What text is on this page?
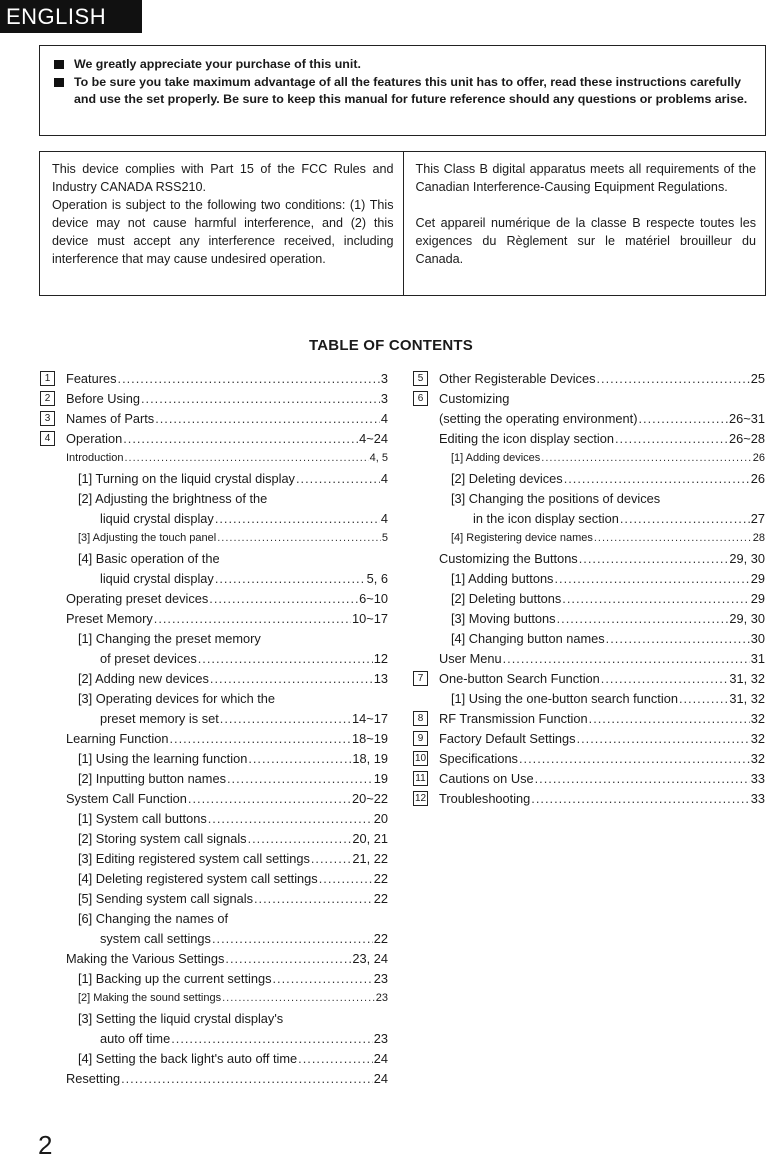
ENGLISH
We greatly appreciate your purchase of this unit.
To be sure you take maximum advantage of all the features this unit has to offer, read these instructions carefully and use the set properly. Be sure to keep this manual for future reference should any questions or problems arise.

This device complies with Part 15 of the FCC Rules and Industry CANADA RSS210.

Operation is subject to the following two conditions: (1) This device may not cause harmful interference, and (2) this device must accept any interference received, including interference that may cause undesired operation.

This Class B digital apparatus meets all requirements of the Canadian Interference-Causing Equipment Regulations.

Cet appareil numérique de la classe B respecte toutes les exigences du Règlement sur le matériel brouilleur du Canada.

TABLE OF CONTENTS
1	Features .....	3
2	Before Using .....	3
3	Names of Parts .....	4
4	Operation .....	4~24
Introduction .....	4, 5
[1] Turning on the liquid crystal display .....	4
[2] Adjusting the brightness of the
liquid crystal display .....	4
[3] Adjusting the touch panel .....	5
[4] Basic operation of the
liquid crystal display .....	5, 6
Operating preset devices .....	6~10
Preset Memory .....	10~17
[1] Changing the preset memory
of preset devices .....	12
[2] Adding new devices .....	13
[3] Operating devices for which the
preset memory is set .....	14~17
Learning Function .....	18~19
[1] Using the learning function .....	18, 19
[2] Inputting button names .....	19
System Call Function .....	20~22
[1] System call buttons .....	20
[2] Storing system call signals .....	20, 21
[3] Editing registered system call settings .....	21, 22
[4] Deleting registered system call settings .....	22
[5] Sending system call signals .....	22
[6] Changing the names of
system call settings .....	22
Making the Various Settings .....	23, 24
[1] Backing up the current settings .....	23
[2] Making the sound settings .....	23
[3] Setting the liquid crystal display's
auto off time .....	23
[4] Setting the back light's auto off time .....	24
Resetting .....	24
5	Other Registerable Devices .....	25
6	Customizing
(setting the operating environment) .....	26~31
Editing the icon display section .....	26~28
[1] Adding devices .....	26
[2] Deleting devices .....	26
[3] Changing the positions of devices
in the icon display section .....	27
[4] Registering device names .....	28
Customizing the Buttons .....	29, 30
[1] Adding buttons .....	29
[2] Deleting buttons .....	29
[3] Moving buttons .....	29, 30
[4] Changing button names .....	30
User Menu .....	31
7	One-button Search Function .....	31, 32
[1] Using the one-button search function .....	31, 32
8	RF Transmission Function .....	32
9	Factory Default Settings .....	32
10 Specifications .....	32
11 Cautions on Use .....	33
12 Troubleshooting .....	33
2
